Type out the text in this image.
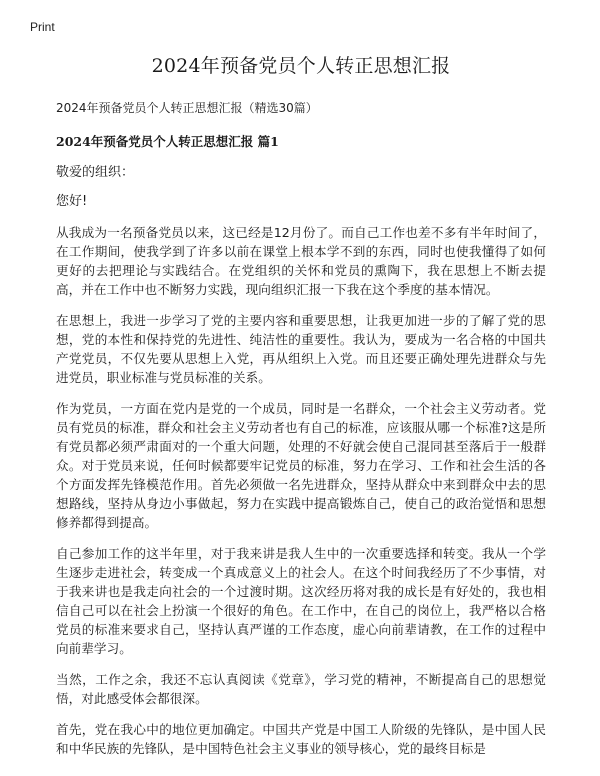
Print
2024年预备党员个人转正思想汇报
2024年预备党员个人转正思想汇报（精选30篇）
2024年预备党员个人转正思想汇报 篇1
敬爱的组织：
您好!
从我成为一名预备党员以来，这已经是12月份了。而自己工作也差不多有半年时间了，在工作期间，使我学到了许多以前在课堂上根本学不到的东西，同时也使我懂得了如何更好的去把理论与实践结合。在党组织的关怀和党员的熏陶下，我在思想上不断去提高，并在工作中也不断努力实践，现向组织汇报一下我在这个季度的基本情况。
在思想上，我进一步学习了党的主要内容和重要思想，让我更加进一步的了解了党的思想，党的本性和保持党的先进性、纯洁性的重要性。我认为，要成为一名合格的中国共产党党员，不仅先要从思想上入党，再从组织上入党。而且还要正确处理先进群众与先进党员，职业标准与党员标准的关系。
作为党员，一方面在党内是党的一个成员，同时是一名群众，一个社会主义劳动者。党员有党员的标准，群众和社会主义劳动者也有自己的标准，应该服从哪一个标准?这是所有党员都必须严肃面对的一个重大问题，处理的不好就会使自己混同甚至落后于一般群众。对于党员来说，任何时候都要牢记党员的标准，努力在学习、工作和社会生活的各个方面发挥先锋模范作用。首先必须做一名先进群众，坚持从群众中来到群众中去的思想路线，坚持从身边小事做起，努力在实践中提高锻炼自己，使自己的政治觉悟和思想修养都得到提高。
自己参加工作的这半年里，对于我来讲是我人生中的一次重要选择和转变。我从一个学生逐步走进社会，转变成一个真成意义上的社会人。在这个时间我经历了不少事情，对于我来讲也是我走向社会的一个过渡时期。这次经历将对我的成长是有好处的，我也相信自己可以在社会上扮演一个很好的角色。在工作中，在自己的岗位上，我严格以合格党员的标准来要求自己，坚持认真严谨的工作态度，虚心向前辈请教，在工作的过程中向前辈学习。
当然，工作之余，我还不忘认真阅读《党章》，学习党的精神，不断提高自己的思想觉悟，对此感受体会都很深。
首先，党在我心中的地位更加确定。中国共产党是中国工人阶级的先锋队，是中国人民和中华民族的先锋队，是中国特色社会主义事业的领导核心，党的最终目标是
